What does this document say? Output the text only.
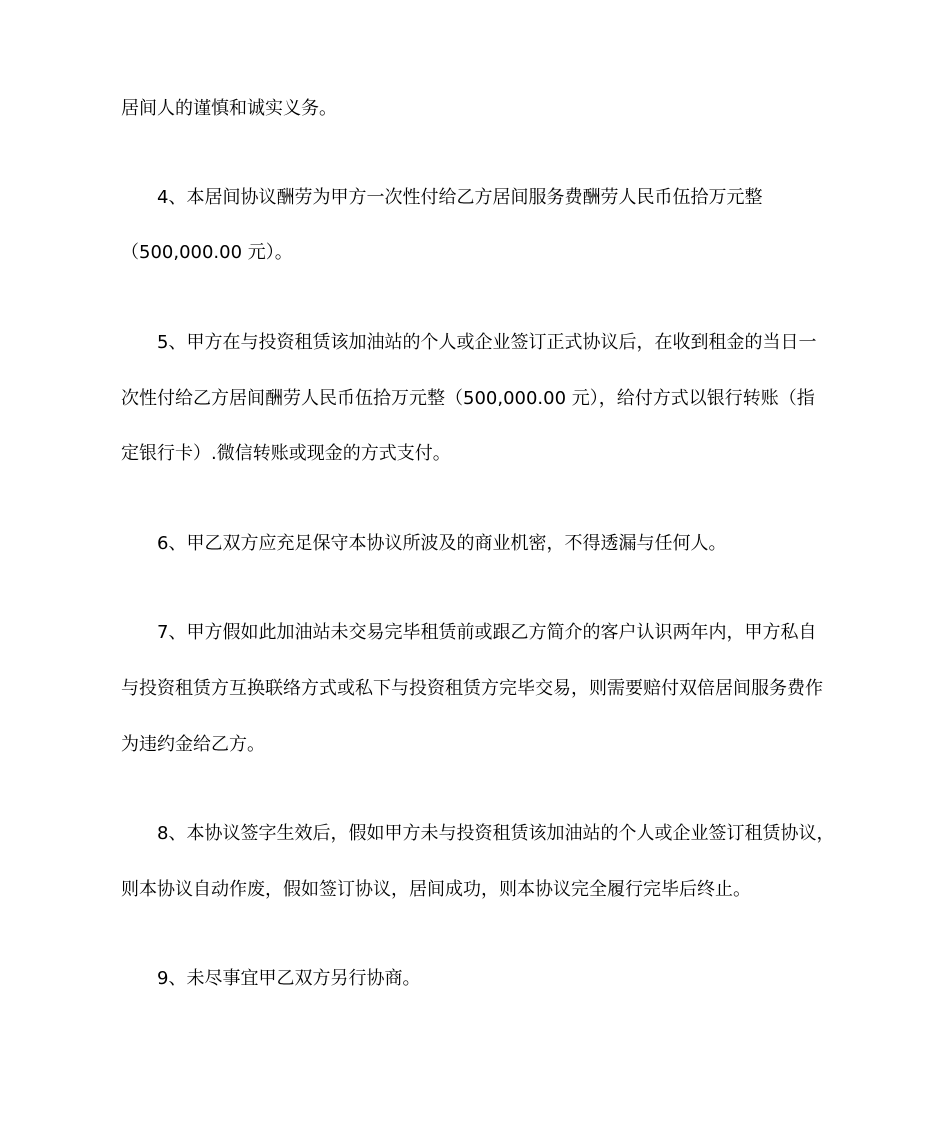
居间人的谨慎和诚实义务。
4、本居间协议酬劳为甲方一次性付给乙方居间服务费酬劳人民币伍拾万元整
（500,000.00 元）。
5、甲方在与投资租赁该加油站的个人或企业签订正式协议后，在收到租金的当日一
次性付给乙方居间酬劳人民币伍拾万元整（500,000.00 元），给付方式以银行转账（指
定银行卡）.微信转账或现金的方式支付。
6、甲乙双方应充足保守本协议所波及的商业机密，不得透漏与任何人。
7、甲方假如此加油站未交易完毕租赁前或跟乙方简介的客户认识两年内，甲方私自
与投资租赁方互换联络方式或私下与投资租赁方完毕交易，则需要赔付双倍居间服务费作
为违约金给乙方。
8、本协议签字生效后，假如甲方未与投资租赁该加油站的个人或企业签订租赁协议，
则本协议自动作废，假如签订协议，居间成功，则本协议完全履行完毕后终止。
9、未尽事宜甲乙双方另行协商。
